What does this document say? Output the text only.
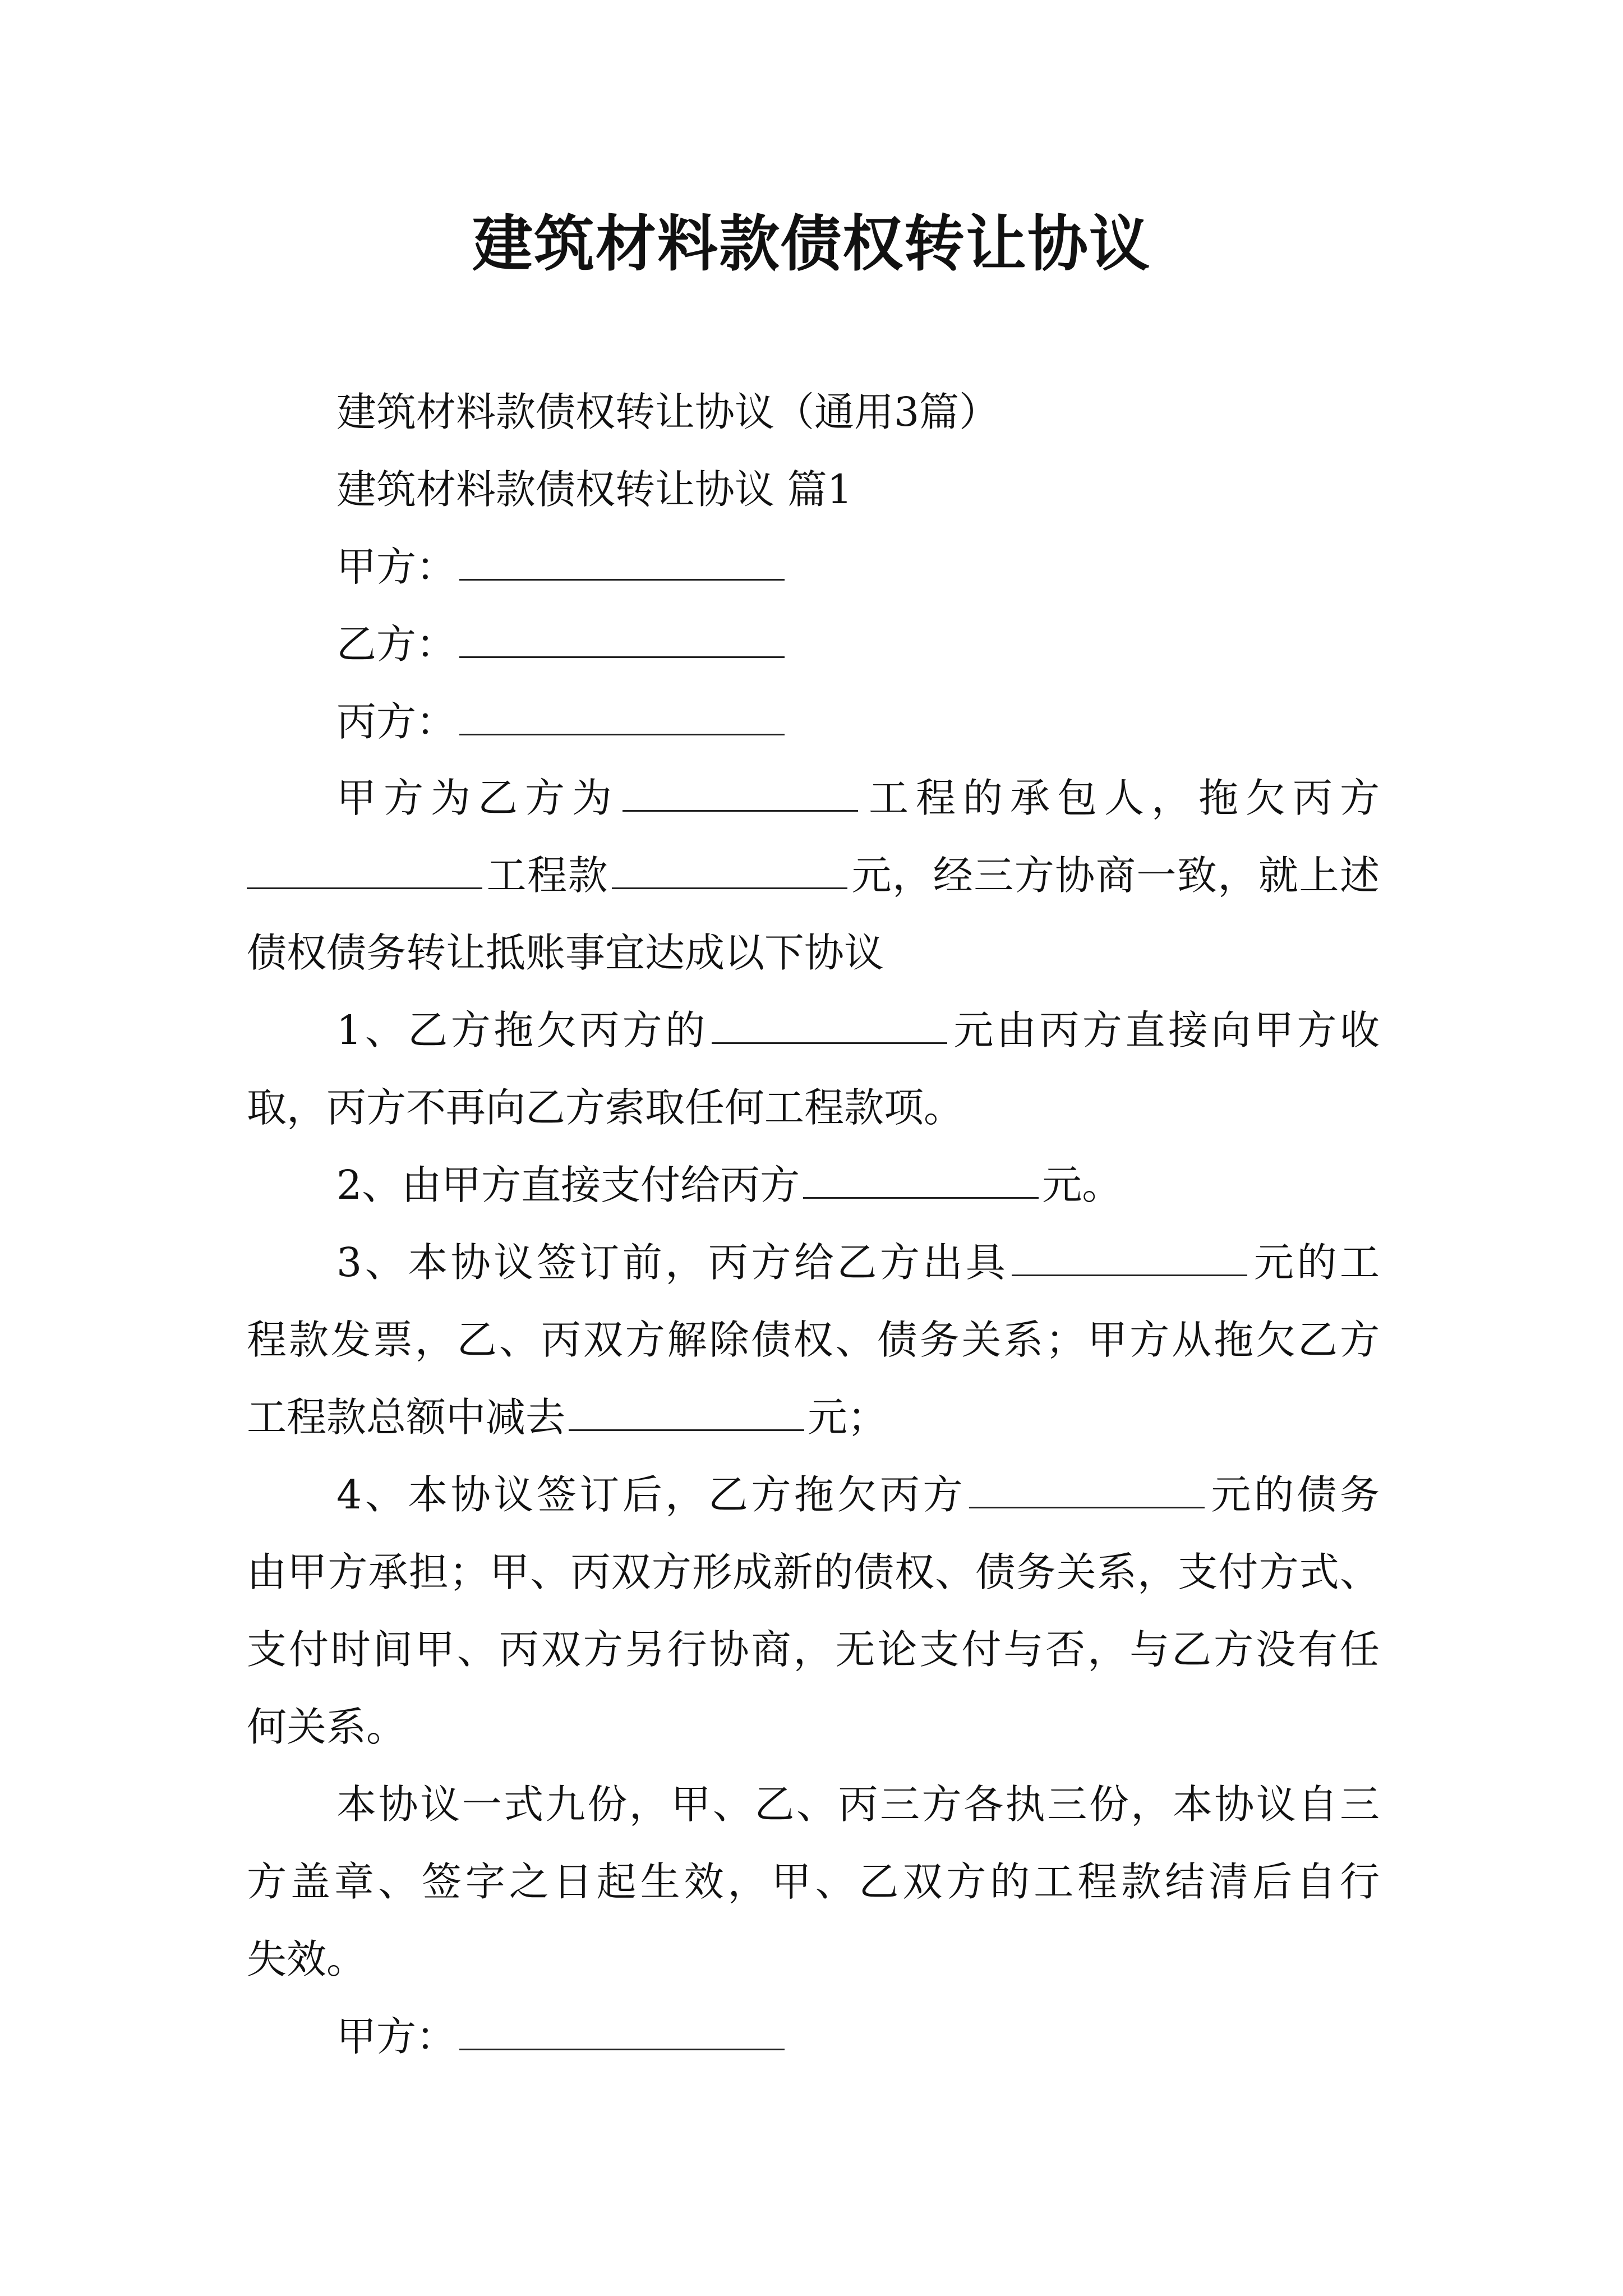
建筑材料款债权转让协议
建筑材料款债权转让协议（通用3篇）
建筑材料款债权转让协议 篇1
甲方：
乙方：
丙方：
甲方为乙方为	工程的承包人，拖欠丙方
工程款	元，经三方协商一致，就上述
债权债务转让抵账事宜达成以下协议
1、乙方拖欠丙方的	元由丙方直接向甲方收
取，丙方不再向乙方索取任何工程款项。
2、由甲方直接支付给丙方	元。
3、本协议签订前，丙方给乙方出具	元的工
程款发票，乙、丙双方解除债权、债务关系；甲方从拖欠乙方
工程款总额中减去	元；
4、本协议签订后，乙方拖欠丙方	元的债务
由甲方承担；甲、丙双方形成新的债权、债务关系，支付方式、
支付时间甲、丙双方另行协商，无论支付与否，与乙方没有任
何关系。
本协议一式九份，甲、乙、丙三方各执三份，本协议自三
方盖章、签字之日起生效，甲、乙双方的工程款结清后自行
失效。
甲方：
